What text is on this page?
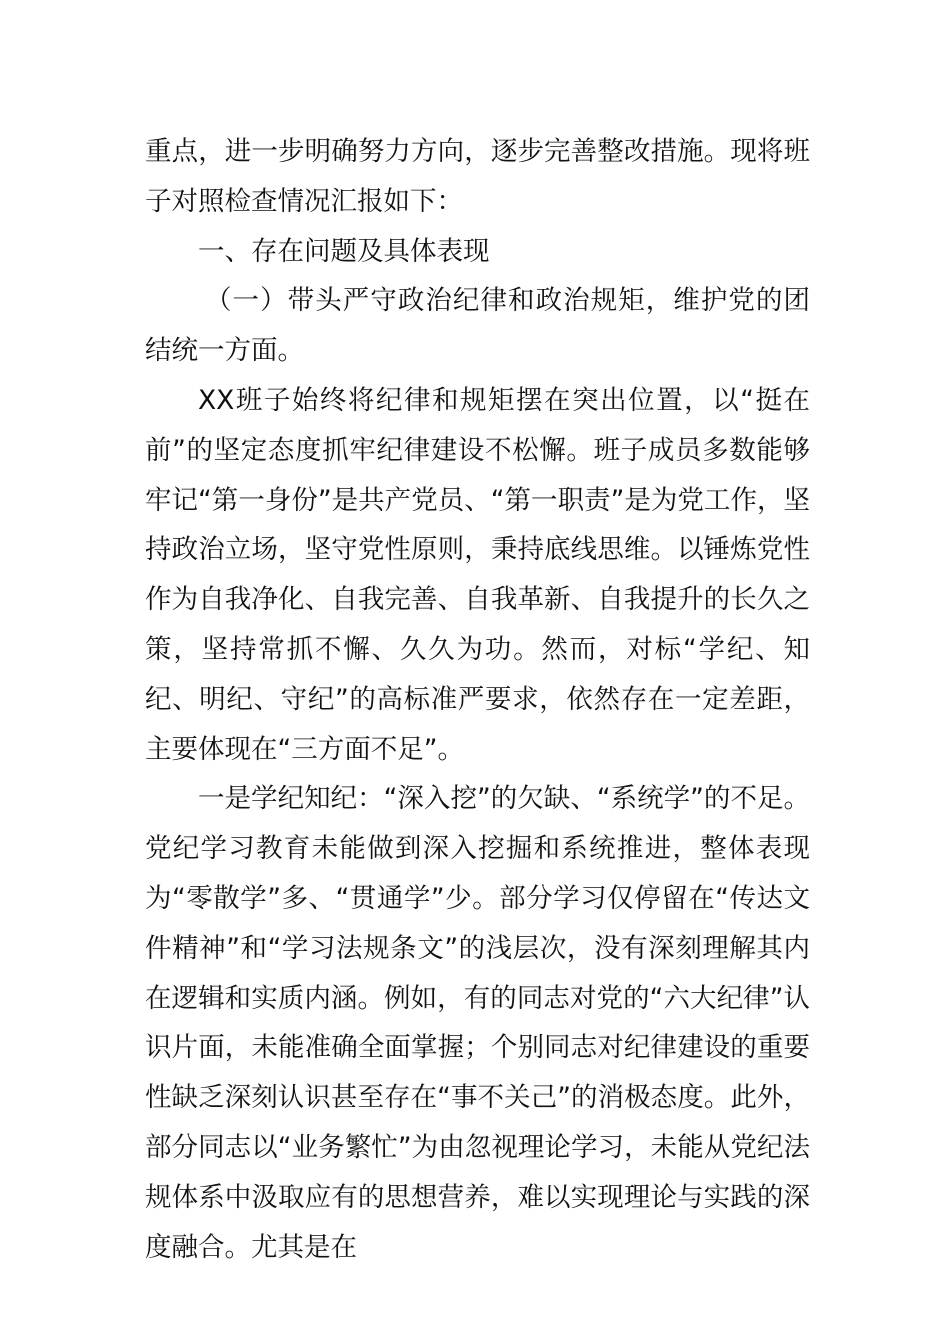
重点，进一步明确努力方向，逐步完善整改措施。现将班子对照检查情况汇报如下：

一、存在问题及具体表现

（一）带头严守政治纪律和政治规矩，维护党的团结统一方面。

XX班子始终将纪律和规矩摆在突出位置，以“挺在前”的坚定态度抓牢纪律建设不松懈。班子成员多数能够牢记“第一身份”是共产党员、“第一职责”是为党工作，坚持政治立场，坚守党性原则，秉持底线思维。以锤炼党性作为自我净化、自我完善、自我革新、自我提升的长久之策，坚持常抓不懈、久久为功。然而，对标“学纪、知纪、明纪、守纪”的高标准严要求，依然存在一定差距，主要体现在“三方面不足”。

一是学纪知纪：“深入挖”的欠缺、“系统学”的不足。党纪学习教育未能做到深入挖掘和系统推进，整体表现为“零散学”多、“贯通学”少。部分学习仅停留在“传达文件精神”和“学习法规条文”的浅层次，没有深刻理解其内在逻辑和实质内涵。例如，有的同志对党的“六大纪律”认识片面，未能准确全面掌握；个别同志对纪律建设的重要性缺乏深刻认识甚至存在“事不关己”的消极态度。此外，部分同志以“业务繁忙”为由忽视理论学习，未能从党纪法规体系中汲取应有的思想营养，难以实现理论与实践的深度融合。尤其是在
